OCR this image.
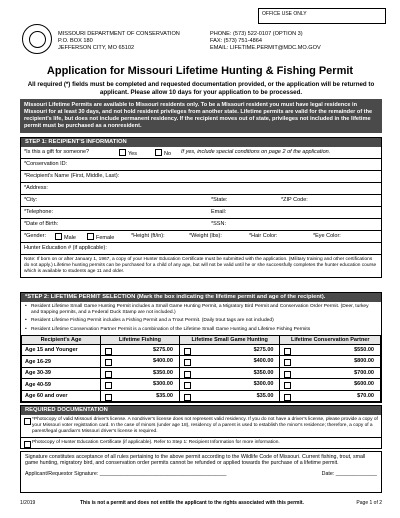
OFFICE USE ONLY
MISSOURI DEPARTMENT OF CONSERVATION
P.O. BOX 180
JEFFERSON CITY, MO 65102
PHONE: (573) 522-0107 (OPTION 3)
FAX: (573) 751-4864
EMAIL: LIFETIME.PERMIT@MDC.MO.GOV
Application for Missouri Lifetime Hunting & Fishing Permit
All required (*) fields must be completed and requested documentation provided, or the application will be returned to applicant. Please allow 10 days for your application to be processed.
Missouri Lifetime Permits are available to Missouri residents only. To be a Missouri resident you must have legal residence in Missouri for at least 30 days, and not hold resident privileges from another state. Lifetime permits are valid for the remainder of the recipient's life, but does not include permanent residency. If the recipient moves out of state, privileges not included in the lifetime permit must be purchased as a nonresident.
STEP 1: RECIPIENT'S INFORMATION
*Is this a gift for someone?	Yes	No If yes, include special conditions on page 2 of the application.
*Conservation ID:
*Recipient's Name (First, Middle, Last):
*Address:
*City:	*State:	*ZIP Code:
*Telephone:	Email:
*Date of Birth:	*SSN:
*Gender:	Male	Female	*Height (ft/in):	*Weight (lbs):	*Hair Color:	*Eye Color:
Hunter Education # (if applicable):
Note: If born on or after January 1, 1967, a copy of your Hunter Education Certificate must be submitted with the application. (Military training and other certifications do not apply.) Lifetime hunting permits can be purchased for a child of any age, but will not be valid until he or she successfully completes the hunter education course which is available to students age 11 and older.
*STEP 2: LIFETIME PERMIT SELECTION (Mark the box indicating the lifetime permit and age of the recipient).
• Resident Lifetime Small Game Hunting Permit includes a Small Game Hunting Permit, a Migratory Bird Permit and Conservation Order Permit. (Deer, turkey and trapping permits, and a Federal Duck Stamp are not included.)
• Resident Lifetime Fishing Permit includes a Fishing Permit and a Trout Permit. (Daily trout tags are not included)
• Resident Lifetime Conservation Partner Permit is a combination of the Lifetime Small Game Hunting and Lifetime Fishing Permits
Recipient's Age	Lifetime Fishing	Lifetime Small Game Hunting	Lifetime Conservation Partner
Age 15 and Younger	$275.00	$275.00	$550.00

Age 16-29	$400.00	$400.00	$800.00

Age 30-39	$350.00	$350.00	$700.00

Age 40-59	$300.00	$300.00	$600.00

Age 60 and over	$35.00	$35.00	$70.00
REQUIRED DOCUMENTATION
*Photocopy of valid Missouri driver's license. A nondriver's license does not represent valid residency. If you do not have a driver's license, please provide a copy of your Missouri voter registration card. In the case of minors (under age 18), residency of a parent is used to establish the minor's residence; therefore, a copy of a parent/legal guardian's Missouri driver's license is required.
Photocopy of Hunter Education Certificate (if applicable). Refer to Step 1: Recipient Information for more information.
Signature constitutes acceptance of all rules pertaining to the above permit according to the Wildlife Code of Missouri. Current fishing, trout, small game hunting, migratory bird, and conservation order permits cannot be refunded or applied towards the purchase of a lifetime permit.
Applicant/Requestor Signature: ___________________________________________	Date: ______________
1/2019	This is not a permit and does not entitle the applicant to the rights associated with this permit.	Page 1 of 2
